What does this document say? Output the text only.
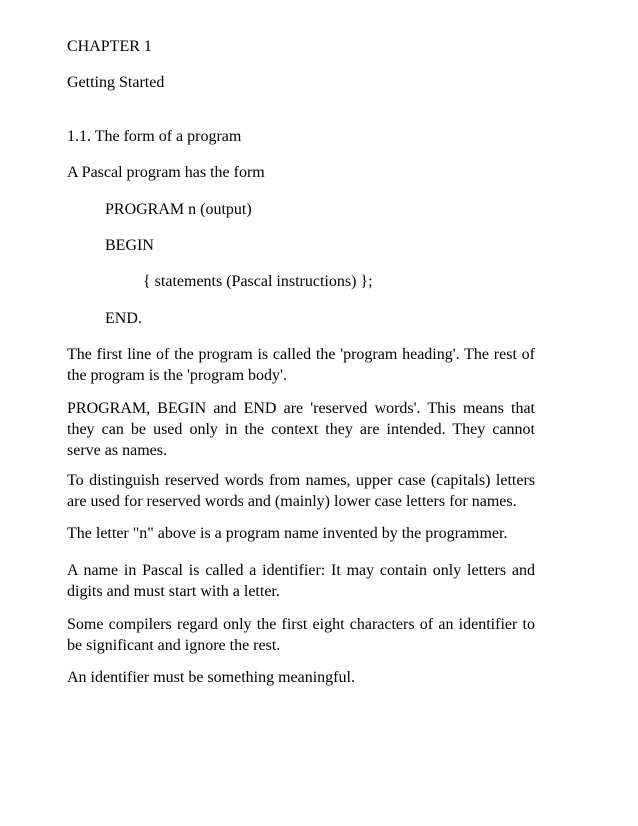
CHAPTER 1
Getting Started
1.1. The form of a program
A Pascal program has the form
PROGRAM n (output)
BEGIN
{ statements (Pascal instructions) };
END.
The first line of the program is called the 'program heading'. The rest of the program is the 'program body'.
PROGRAM, BEGIN and END are 'reserved words'. This means that they can be used only in the context they are intended. They cannot serve as names.
To distinguish reserved words from names, upper case (capitals) letters are used for reserved words and (mainly) lower case letters for names.
The letter "n" above is a program name invented by the programmer.
A name in Pascal is called a identifier: It may contain only letters and digits and must start with a letter.
Some compilers regard only the first eight characters of an identifier to be significant and ignore the rest.
An identifier must be something meaningful.
